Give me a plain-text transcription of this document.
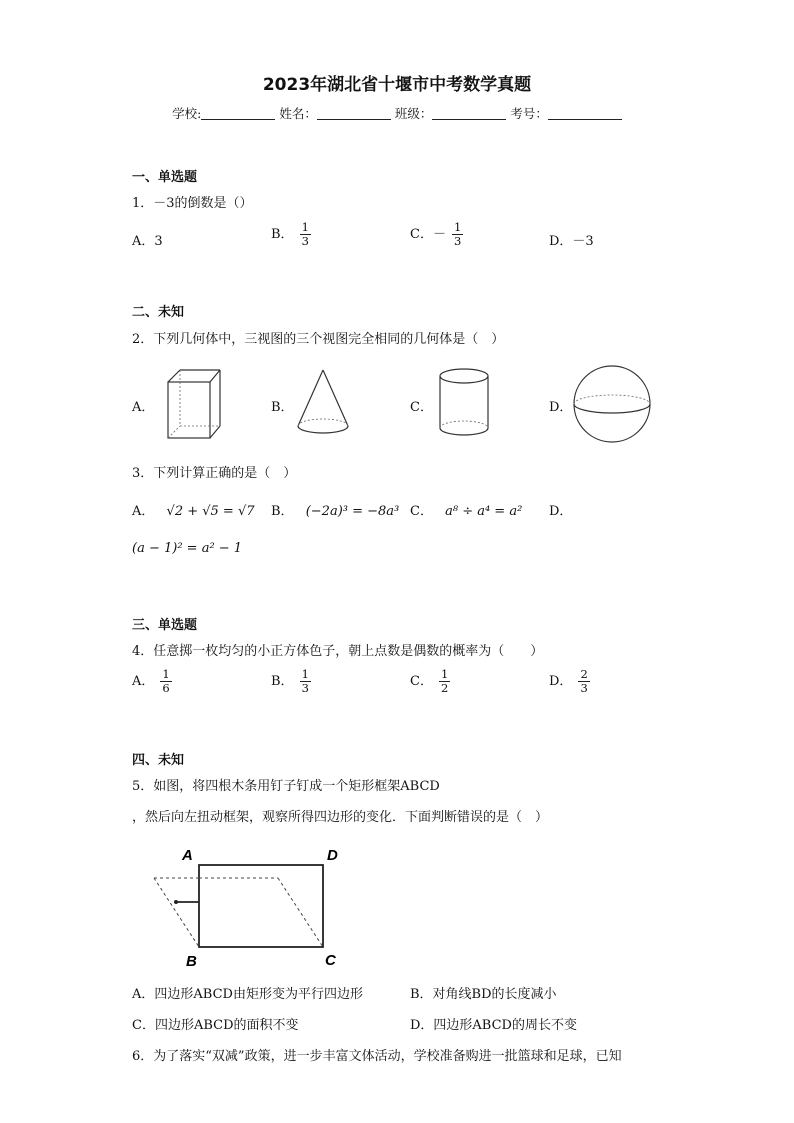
2023年湖北省十堰市中考数学真题
学校:	姓名：	班级：	考号：
一、单选题
1．－3的倒数是（）
A．3	B． $\frac{1}{3}$	C．－ $\frac{1}{3}$	D．－3
二、未知
2．下列几何体中，三视图的三个视图完全相同的几何体是（　）
A．	B．	C．	D．
3．下列计算正确的是（　）
A． √2 + √5 = √7 B． (−2a)³ = −8a³ C． a⁸ ÷ a⁴ = a² D．
(a − 1)² = a² − 1
三、单选题
4．任意掷一枚均匀的小正方体色子，朝上点数是偶数的概率为（　　）
A． $\frac{1}{6}$	B． $\frac{1}{3}$	C． $\frac{1}{2}$	D． $\frac{2}{3}$
四、未知
5．如图，将四根木条用钉子钉成一个矩形框架ABCD
，然后向左扭动框架，观察所得四边形的变化．下面判断错误的是（　）
A	D
B	C
A．四边形ABCD由矩形变为平行四边形	B．对角线BD的长度减小
C．四边形ABCD的面积不变	D．四边形ABCD的周长不变
6．为了落实“双减”政策，进一步丰富文体活动，学校准备购进一批篮球和足球，已知
